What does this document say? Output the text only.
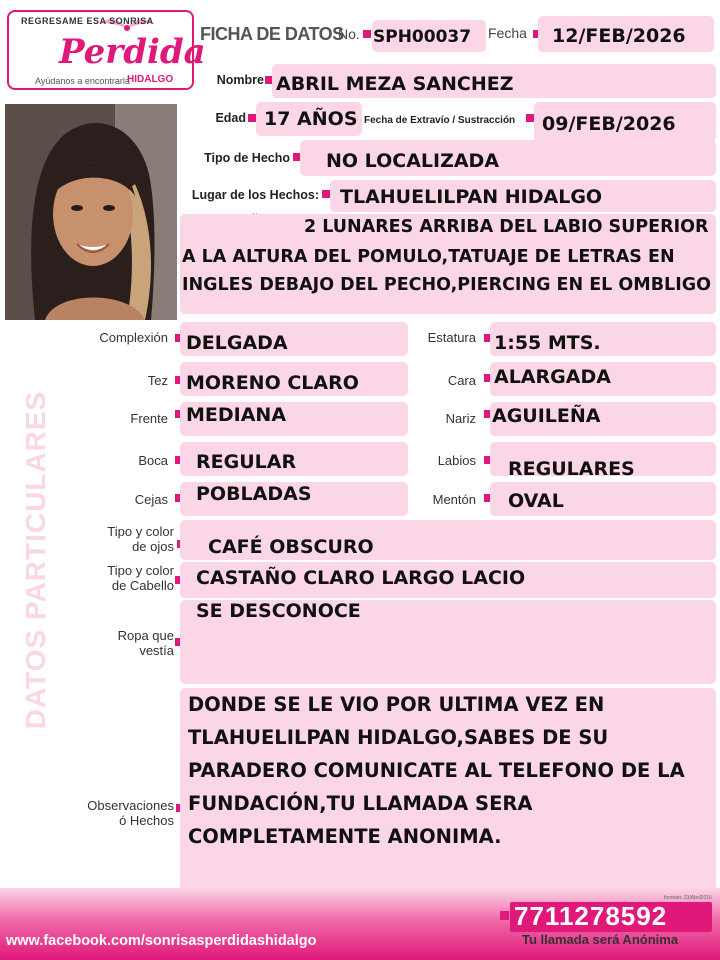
REGRESAME ESA SONRISA
Perdida
Ayúdanos a encontrarla
HIDALGO
FICHA DE DATOS
No. SPH00037 Fecha 12/FEB/2026
Nombre ABRIL MEZA SANCHEZ
Edad 17 AÑOS Fecha de Extravío / Sustracción 09/FEB/2026
Tipo de Hecho NO LOCALIZADA
Lugar de los Hechos: TLAHUELILPAN HIDALGO
2 LUNARES ARRIBA DEL LABIO SUPERIOR
A LA ALTURA DEL POMULO,TATUAJE DE LETRAS EN
INGLES DEBAJO DEL PECHO,PIERCING EN EL OMBLIGO
DATOS PARTICULARES
Complexión DELGADA	Estatura 1:55 MTS.
Tez MORENO CLARO	Cara ALARGADA
Frente MEDIANA	Nariz AGUILEÑA
Boca REGULAR	Labios REGULARES
Cejas POBLADAS	Mentón OVAL
Tipo y color
de ojos CAFÉ OBSCURO
Tipo y color
de Cabello CASTAÑO CLARO LARGO LACIO
Ropa que
vestía
SE DESCONOCE
Observaciones
ó Hechos
DONDE SE LE VIO POR ULTIMA VEZ EN
TLAHUELILPAN HIDALGO,SABES DE SU
PARADERO COMUNICATE AL TELEFONO DE LA
FUNDACIÓN,TU LLAMADA SERA
COMPLETAMENTE ANONIMA.
formato: 23/Abril2016
www.facebook.com/sonrisasperdidashidalgo
7711278592
Tu llamada será Anónima
